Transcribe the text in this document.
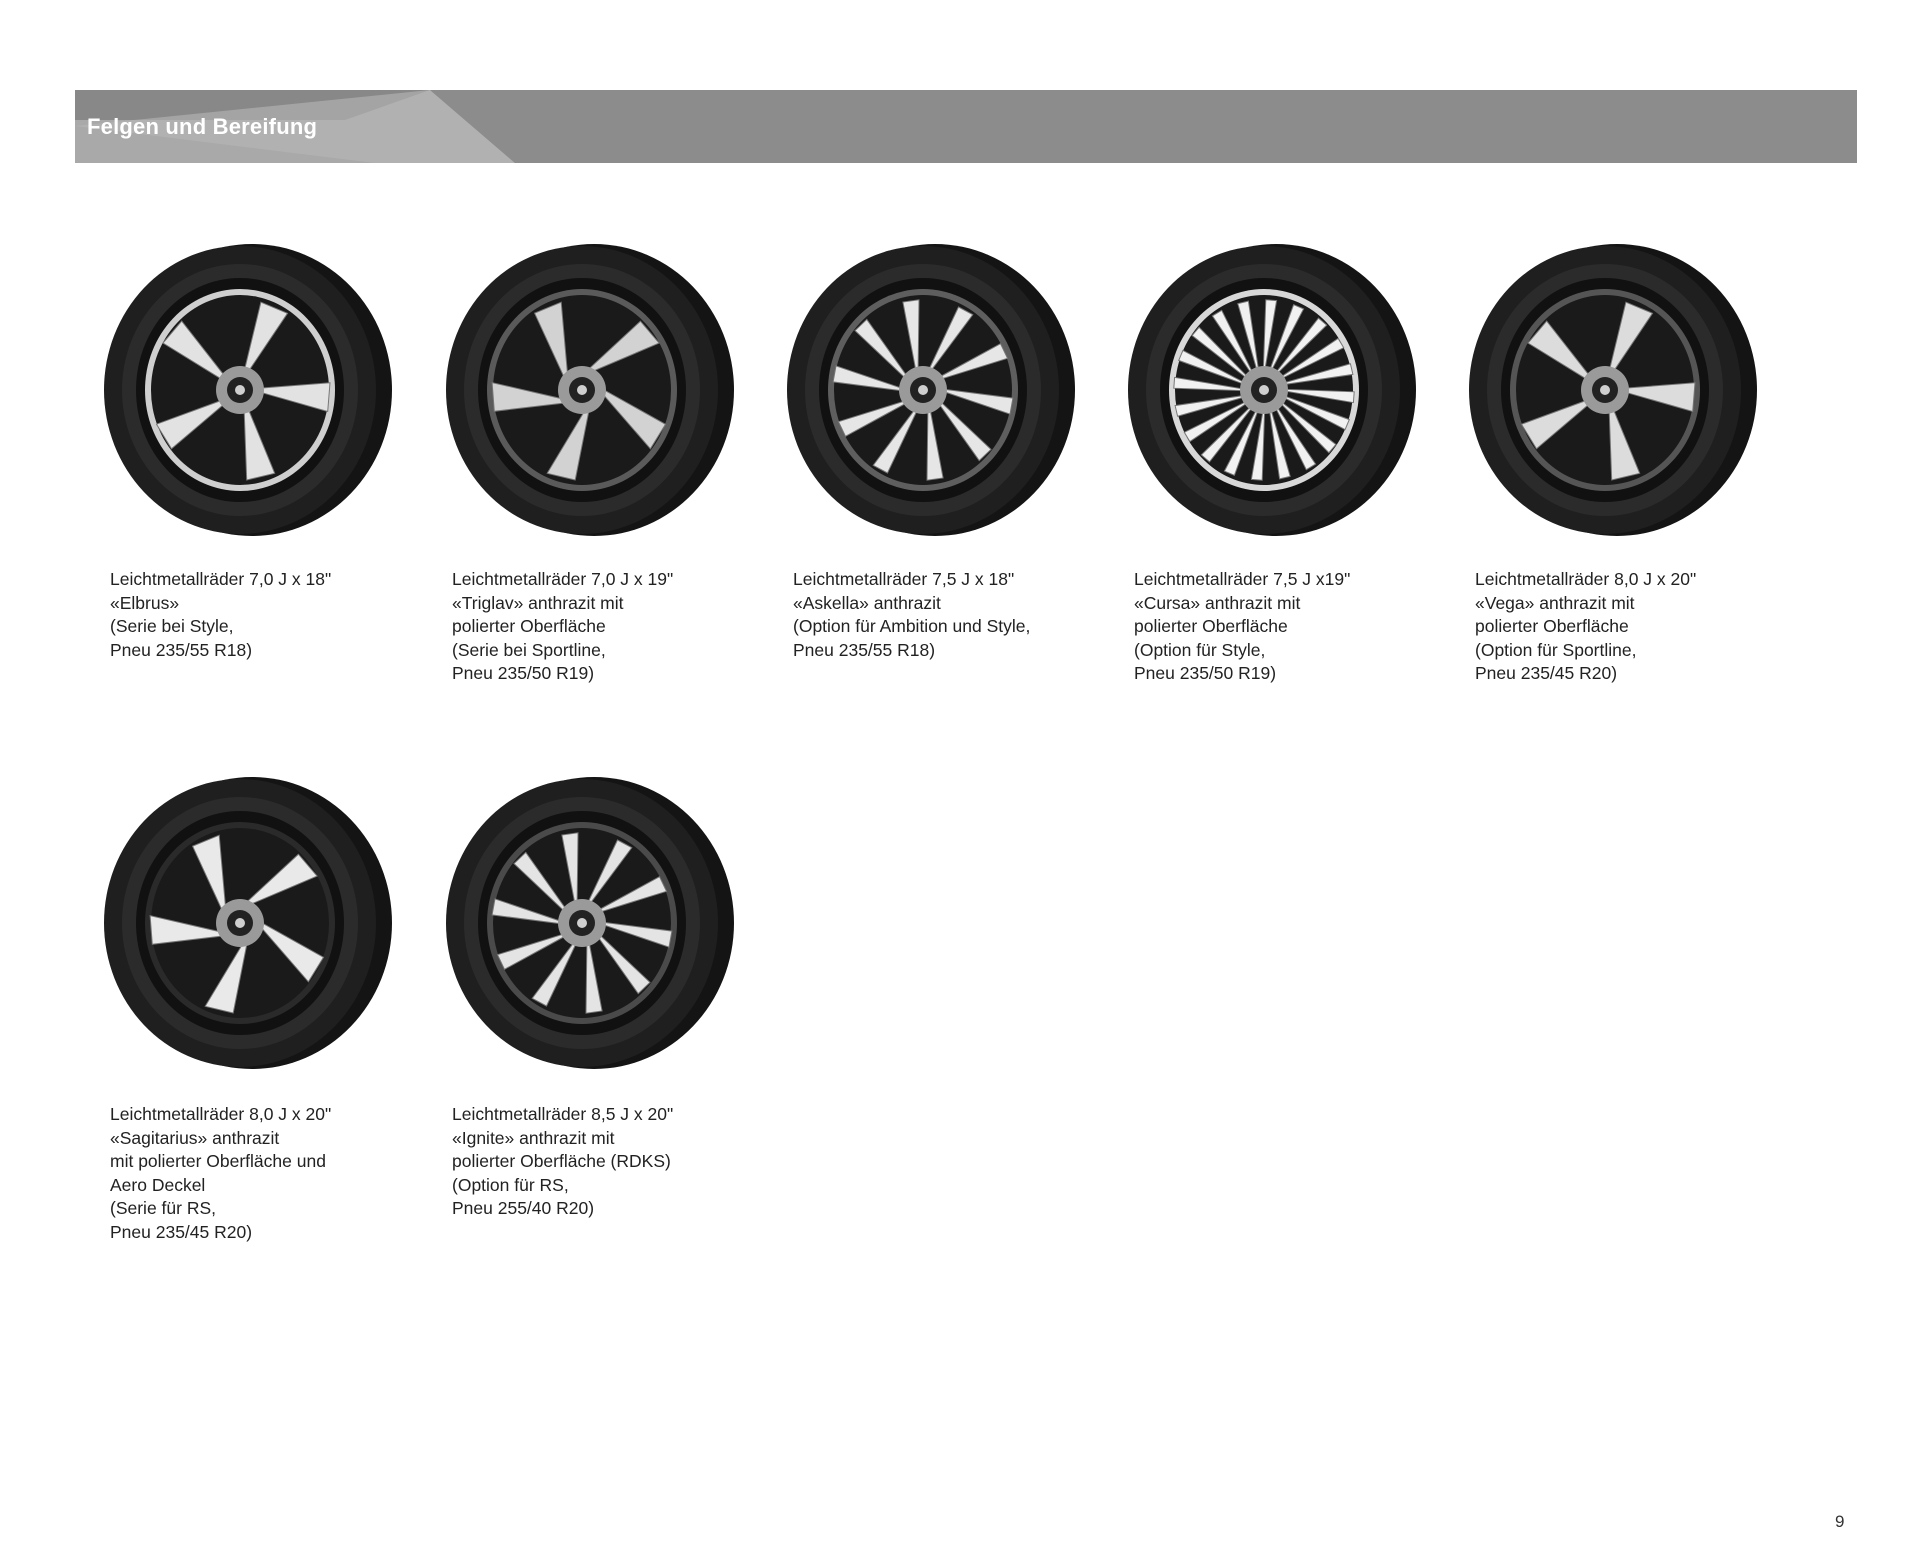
Felgen und Bereifung
Leichtmetallräder 7,0 J x 18"
«Elbrus»
(Serie bei Style,
Pneu 235/55 R18)
Leichtmetallräder 7,0 J x 19"
«Triglav» anthrazit mit
polierter Oberfläche
(Serie bei Sportline,
Pneu 235/50 R19)
Leichtmetallräder 7,5 J x 18"
«Askella» anthrazit
(Option für Ambition und Style,
Pneu 235/55 R18)
Leichtmetallräder 7,5 J x19"
«Cursa» anthrazit mit
polierter Oberfläche
(Option für Style,
Pneu 235/50 R19)
Leichtmetallräder 8,0 J x 20"
«Vega» anthrazit mit
polierter Oberfläche
(Option für Sportline,
Pneu 235/45 R20)
Leichtmetallräder 8,0 J x 20"
«Sagitarius» anthrazit
mit polierter Oberfläche und
Aero Deckel
(Serie für RS,
Pneu 235/45 R20)
Leichtmetallräder 8,5 J x 20"
«Ignite» anthrazit mit
polierter Oberfläche (RDKS)
(Option für RS,
Pneu 255/40 R20)
9
